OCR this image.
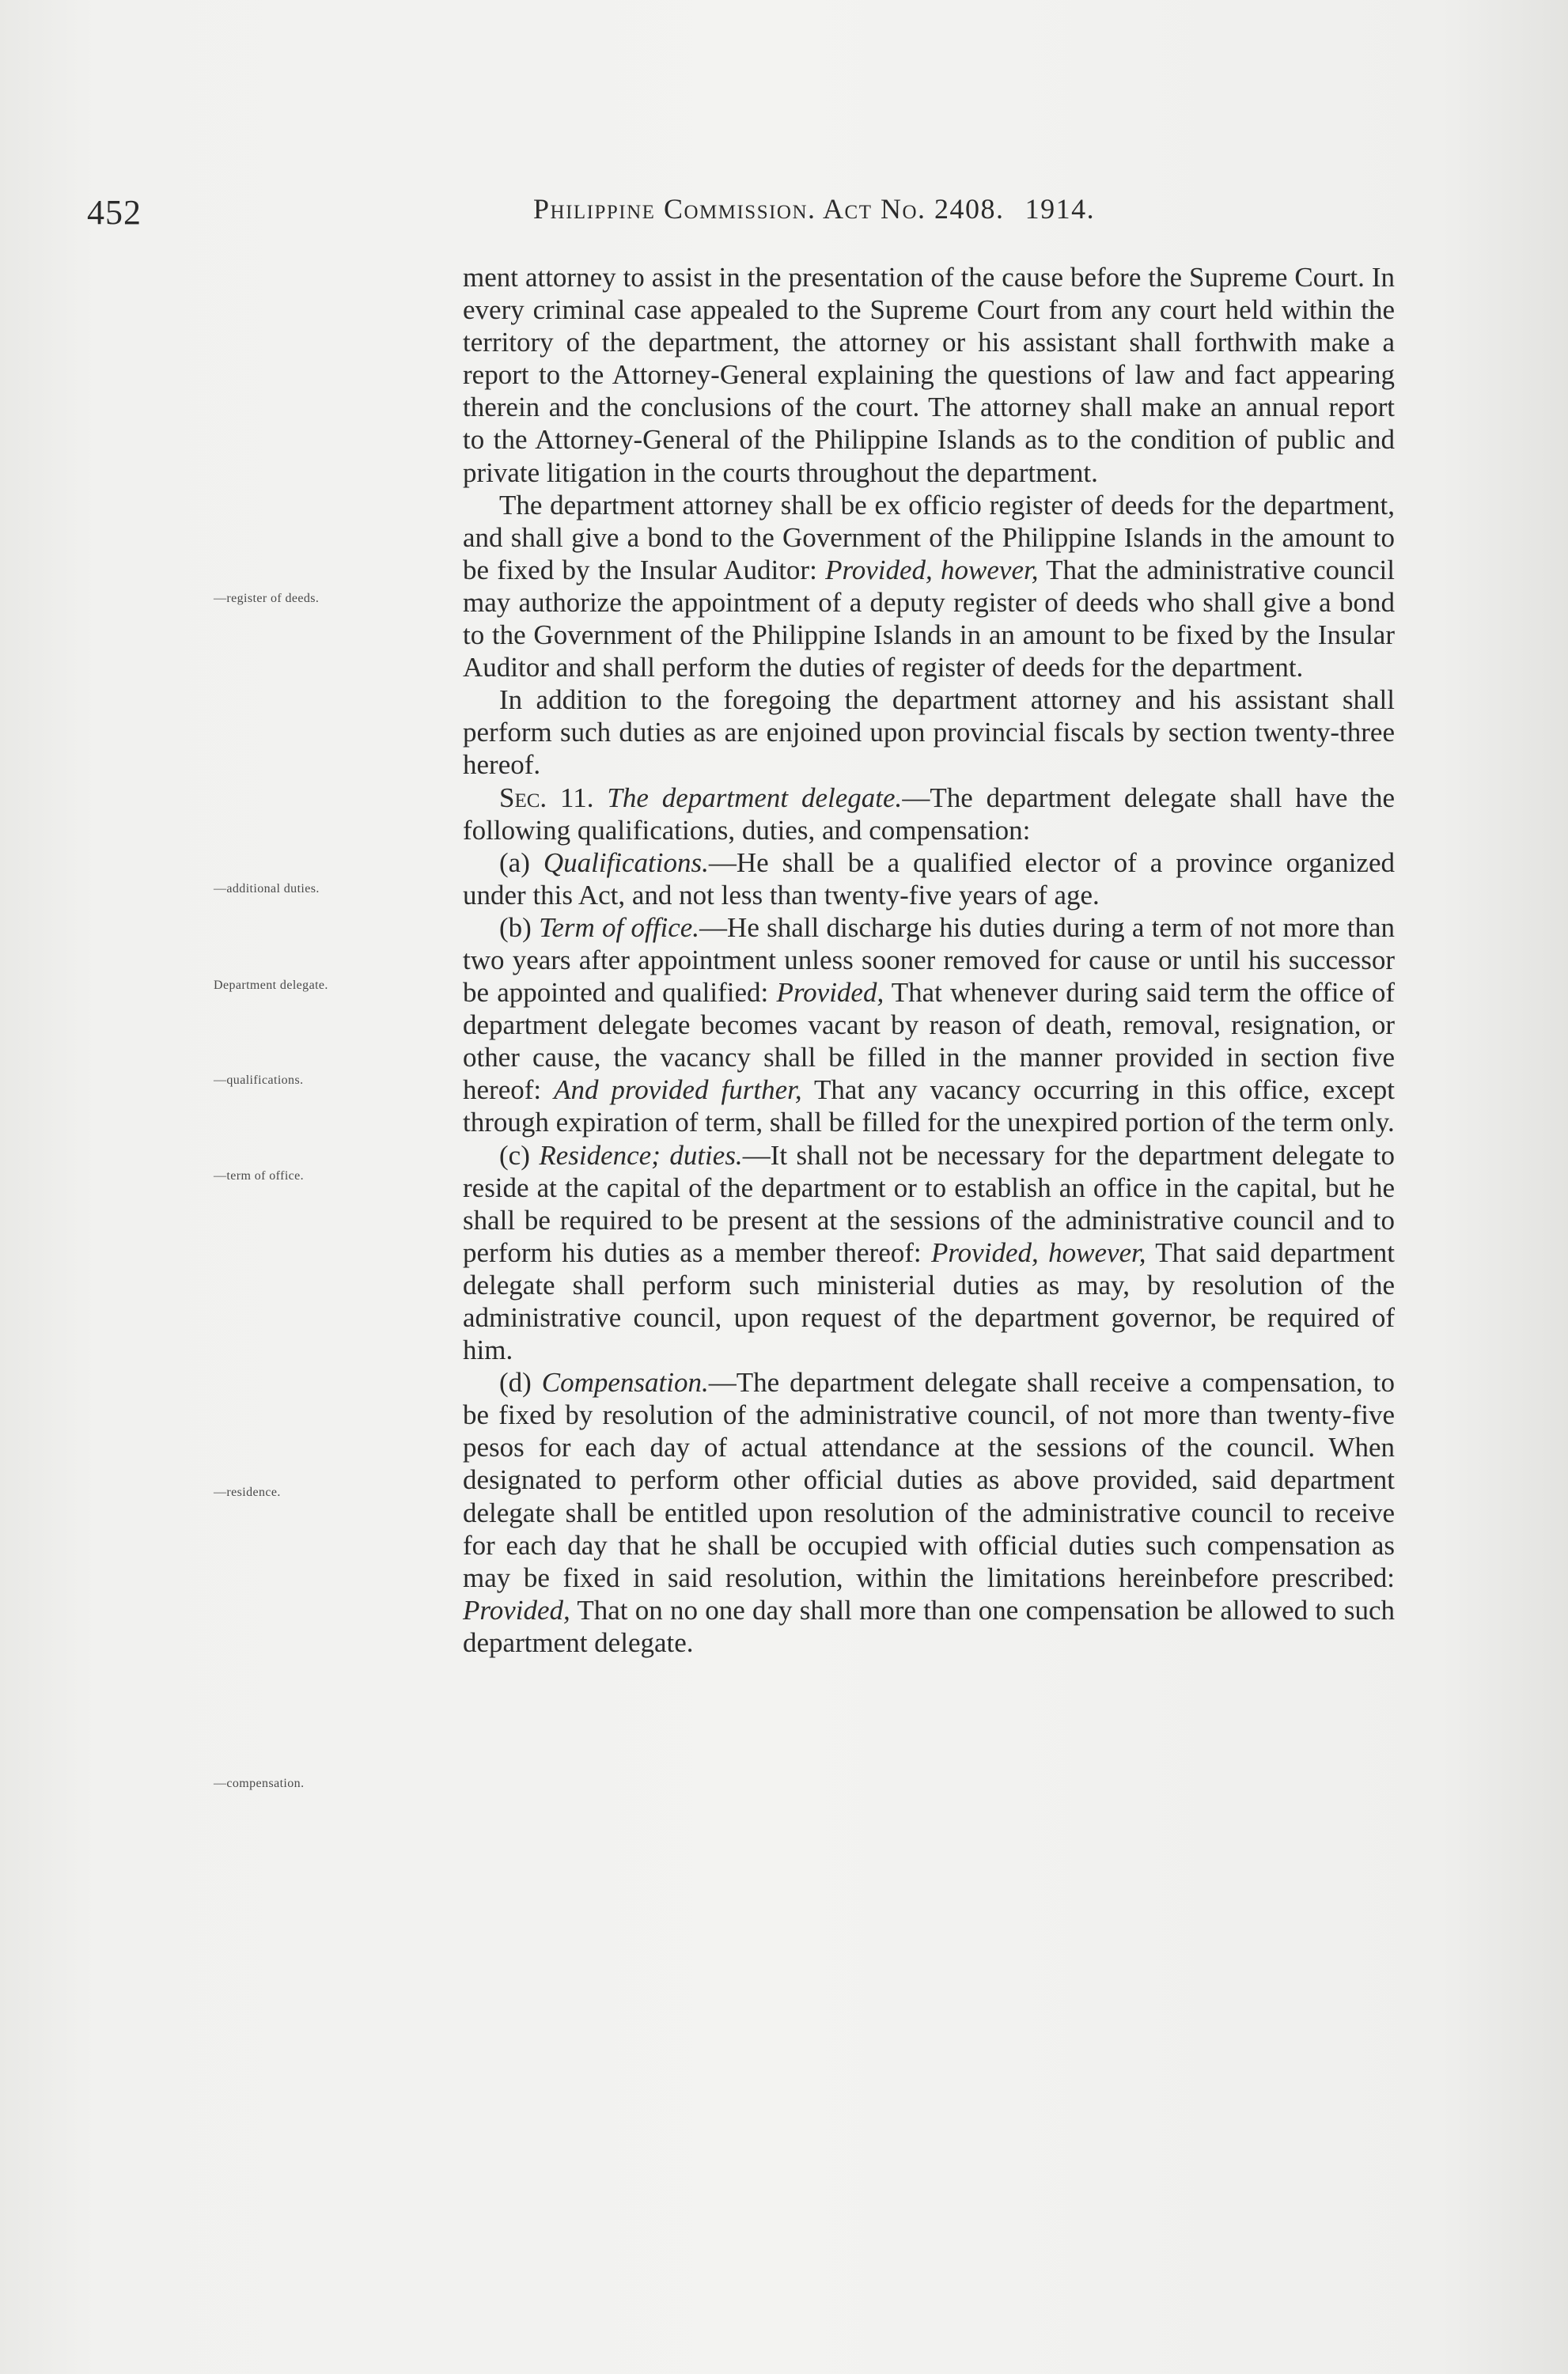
452	Philippine Commission. Act No. 2408. 1914.
—register of deeds.
—additional duties.
Department delegate.
—qualifications.
—term of office.
—residence.
—compensation.

ment attorney to assist in the presentation of the cause before the Supreme Court. In every criminal case appealed to the Supreme Court from any court held within the territory of the department, the attorney or his assistant shall forthwith make a report to the Attorney-General explaining the questions of law and fact appearing therein and the conclusions of the court. The attorney shall make an annual report to the Attorney-General of the Philippine Islands as to the condition of public and private litigation in the courts throughout the department.

The department attorney shall be ex officio register of deeds for the department, and shall give a bond to the Government of the Philippine Islands in the amount to be fixed by the Insular Auditor: Provided, however, That the administrative council may authorize the appointment of a deputy register of deeds who shall give a bond to the Government of the Philippine Islands in an amount to be fixed by the Insular Auditor and shall perform the duties of register of deeds for the department.

In addition to the foregoing the department attorney and his assistant shall perform such duties as are enjoined upon provincial fiscals by section twenty-three hereof.

Sec. 11. The department delegate.—The department delegate shall have the following qualifications, duties, and compensation:

(a) Qualifications.—He shall be a qualified elector of a province organized under this Act, and not less than twenty-five years of age.

(b) Term of office.—He shall discharge his duties during a term of not more than two years after appointment unless sooner removed for cause or until his successor be appointed and qualified: Provided, That whenever during said term the office of department delegate becomes vacant by reason of death, removal, resignation, or other cause, the vacancy shall be filled in the manner provided in section five hereof: And provided further, That any vacancy occurring in this office, except through expiration of term, shall be filled for the unexpired portion of the term only.

(c) Residence; duties.—It shall not be necessary for the department delegate to reside at the capital of the department or to establish an office in the capital, but he shall be required to be present at the sessions of the administrative council and to perform his duties as a member thereof: Provided, however, That said department delegate shall perform such ministerial duties as may, by resolution of the administrative council, upon request of the department governor, be required of him.

(d) Compensation.—The department delegate shall receive a compensation, to be fixed by resolution of the administrative council, of not more than twenty-five pesos for each day of actual attendance at the sessions of the council. When designated to perform other official duties as above provided, said department delegate shall be entitled upon resolution of the administrative council to receive for each day that he shall be occupied with official duties such compensation as may be fixed in said resolution, within the limitations hereinbefore prescribed: Provided, That on no one day shall more than one compensation be allowed to such department delegate.
